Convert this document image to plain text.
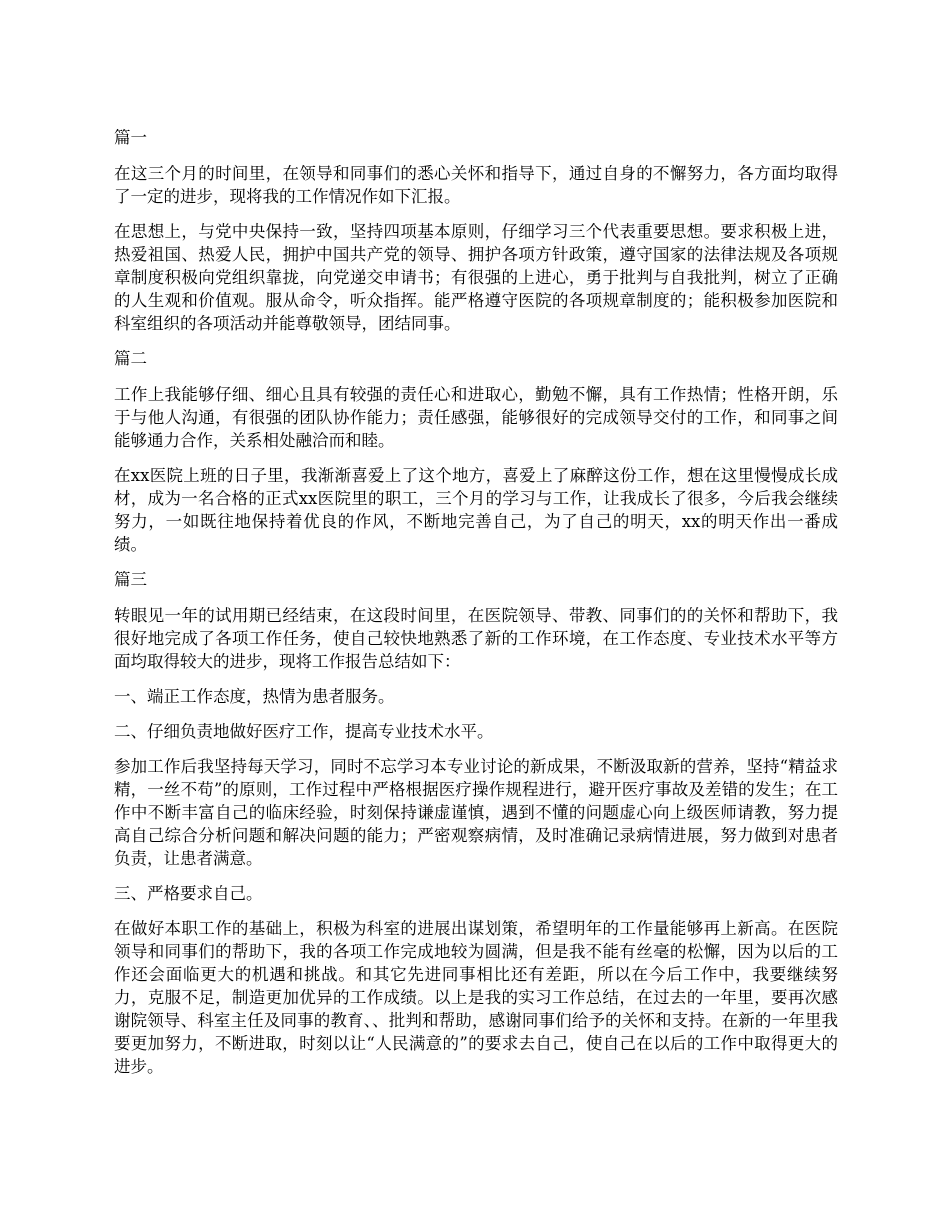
篇一

在这三个月的时间里，在领导和同事们的悉心关怀和指导下，通过自身的不懈努力，各方面均取得了一定的进步，现将我的工作情况作如下汇报。

在思想上，与党中央保持一致，坚持四项基本原则，仔细学习三个代表重要思想。要求积极上进，热爱祖国、热爱人民，拥护中国共产党的领导、拥护各项方针政策，遵守国家的法律法规及各项规章制度积极向党组织靠拢，向党递交申请书；有很强的上进心，勇于批判与自我批判，树立了正确的人生观和价值观。服从命令，听众指挥。能严格遵守医院的各项规章制度的；能积极参加医院和科室组织的各项活动并能尊敬领导，团结同事。

篇二

工作上我能够仔细、细心且具有较强的责任心和进取心，勤勉不懈，具有工作热情；性格开朗，乐于与他人沟通，有很强的团队协作能力；责任感强，能够很好的完成领导交付的工作，和同事之间能够通力合作，关系相处融洽而和睦。

在xx医院上班的日子里，我渐渐喜爱上了这个地方，喜爱上了麻醉这份工作，想在这里慢慢成长成材，成为一名合格的正式xx医院里的职工，三个月的学习与工作，让我成长了很多，今后我会继续努力，一如既往地保持着优良的作风，不断地完善自己，为了自己的明天，xx的明天作出一番成绩。

篇三

转眼见一年的试用期已经结束，在这段时间里，在医院领导、带教、同事们的的关怀和帮助下，我很好地完成了各项工作任务，使自己较快地熟悉了新的工作环境，在工作态度、专业技术水平等方面均取得较大的进步，现将工作报告总结如下：

一、端正工作态度，热情为患者服务。

二、仔细负责地做好医疗工作，提高专业技术水平。

参加工作后我坚持每天学习，同时不忘学习本专业讨论的新成果，不断汲取新的营养，坚持“精益求精，一丝不苟”的原则，工作过程中严格根据医疗操作规程进行，避开医疗事故及差错的发生；在工作中不断丰富自己的临床经验，时刻保持谦虚谨慎，遇到不懂的问题虚心向上级医师请教，努力提高自己综合分析问题和解决问题的能力；严密观察病情，及时准确记录病情进展，努力做到对患者负责，让患者满意。

三、严格要求自己。

在做好本职工作的基础上，积极为科室的进展出谋划策，希望明年的工作量能够再上新高。在医院领导和同事们的帮助下，我的各项工作完成地较为圆满，但是我不能有丝毫的松懈，因为以后的工作还会面临更大的机遇和挑战。和其它先进同事相比还有差距，所以在今后工作中，我要继续努力，克服不足，制造更加优异的工作成绩。以上是我的实习工作总结，在过去的一年里，要再次感谢院领导、科室主任及同事的教育、、批判和帮助，感谢同事们给予的关怀和支持。在新的一年里我要更加努力，不断进取，时刻以让“人民满意的”的要求去自己，使自己在以后的工作中取得更大的进步。
